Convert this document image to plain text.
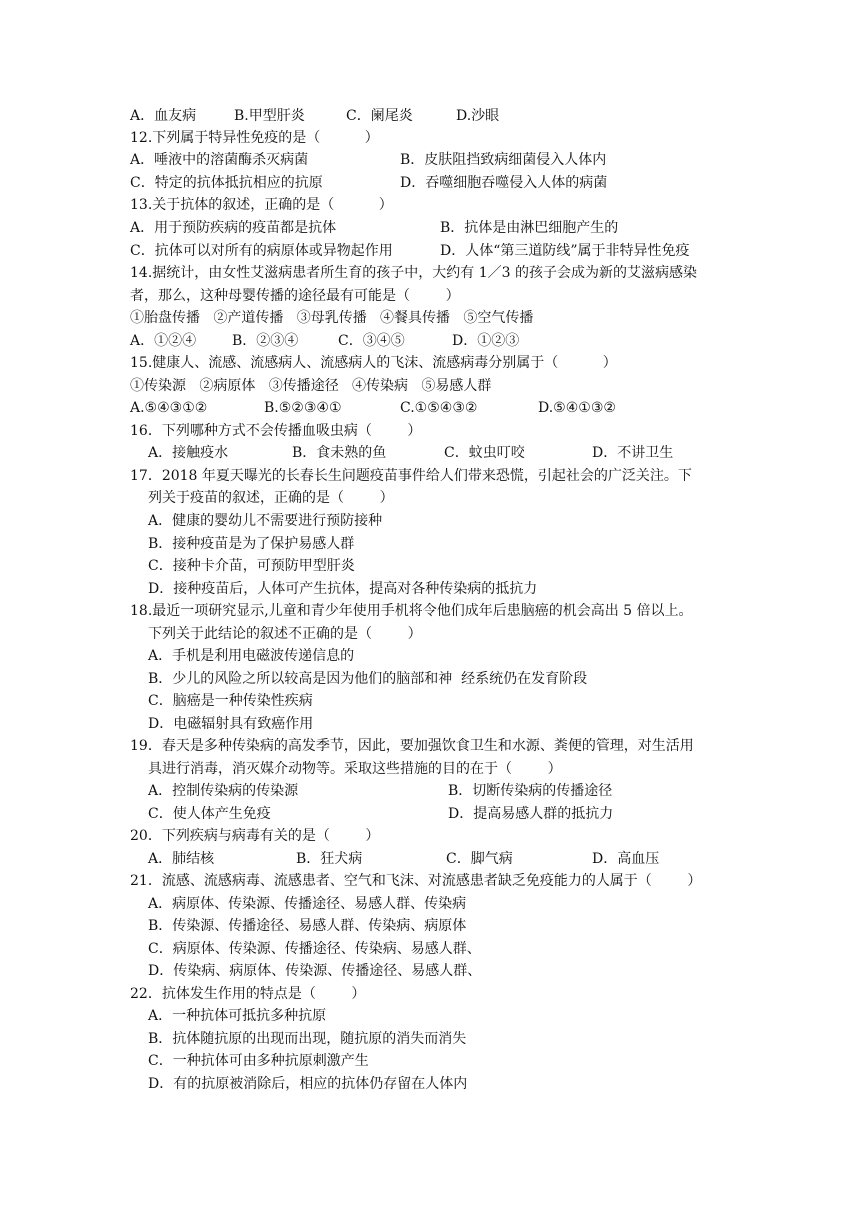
A．血友病	B.甲型肝炎	C．阑尾炎	D.沙眼
12.下列属于特异性免疫的是（          ）
A．唾液中的溶菌酶杀灭病菌	B．皮肤阻挡致病细菌侵入人体内
C．特定的抗体抵抗相应的抗原	D．吞噬细胞吞噬侵入人体的病菌
13.关于抗体的叙述，正确的是（          ）
A．用于预防疾病的疫苗都是抗体	B．抗体是由淋巴细胞产生的
C．抗体可以对所有的病原体或异物起作用	D．人体“第三道防线”属于非特异性免疫
14.据统计，由女性艾滋病患者所生育的孩子中，大约有 1／3 的孩子会成为新的艾滋病感染
者，那么，这种母婴传播的途径最有可能是（        ）
①胎盘传播   ②产道传播   ③母乳传播   ④餐具传播   ⑤空气传播
A．①②④	B．②③④	C．③④⑤	D．①②③
15.健康人、流感、流感病人、流感病人的飞沫、流感病毒分别属于（          ）
①传染源   ②病原体   ③传播途径   ④传染病   ⑤易感人群
A.⑤④③①②	B.⑤②③④①	C.①⑤④③②	D.⑤④①③②
16．下列哪种方式不会传播血吸虫病（        ）
A．接触疫水	B．食未熟的鱼	C．蚊虫叮咬	D．不讲卫生
17．2018 年夏天曝光的长春长生问题疫苗事件给人们带来恐慌，引起社会的广泛关注。下
列关于疫苗的叙述，正确的是（        ）
A．健康的婴幼儿不需要进行预防接种
B．接种疫苗是为了保护易感人群
C．接种卡介苗，可预防甲型肝炎
D．接种疫苗后，人体可产生抗体，提高对各种传染病的抵抗力
18.最近一项研究显示,儿童和青少年使用手机将令他们成年后患脑癌的机会高出 5 倍以上。
下列关于此结论的叙述不正确的是（        ）
A．手机是利用电磁波传递信息的
B．少儿的风险之所以较高是因为他们的脑部和神  经系统仍在发育阶段
C．脑癌是一种传染性疾病
D．电磁辐射具有致癌作用
19．春天是多种传染病的高发季节，因此，要加强饮食卫生和水源、粪便的管理，对生活用
具进行消毒，消灭媒介动物等。采取这些措施的目的在于（        ）
A．控制传染病的传染源	B．切断传染病的传播途径
C．使人体产生免疫	D．提高易感人群的抵抗力
20．下列疾病与病毒有关的是（        ）
A．肺结核	B．狂犬病	C．脚气病	D．高血压
21．流感、流感病毒、流感患者、空气和飞沫、对流感患者缺乏免疫能力的人属于（        ）
A．病原体、传染源、传播途径、易感人群、传染病
B．传染源、传播途径、易感人群、传染病、病原体
C．病原体、传染源、传播途径、传染病、易感人群、
D．传染病、病原体、传染源、传播途径、易感人群、
22．抗体发生作用的特点是（        ）
A．一种抗体可抵抗多种抗原
B．抗体随抗原的出现而出现，随抗原的消失而消失
C．一种抗体可由多种抗原刺激产生
D．有的抗原被消除后，相应的抗体仍存留在人体内
